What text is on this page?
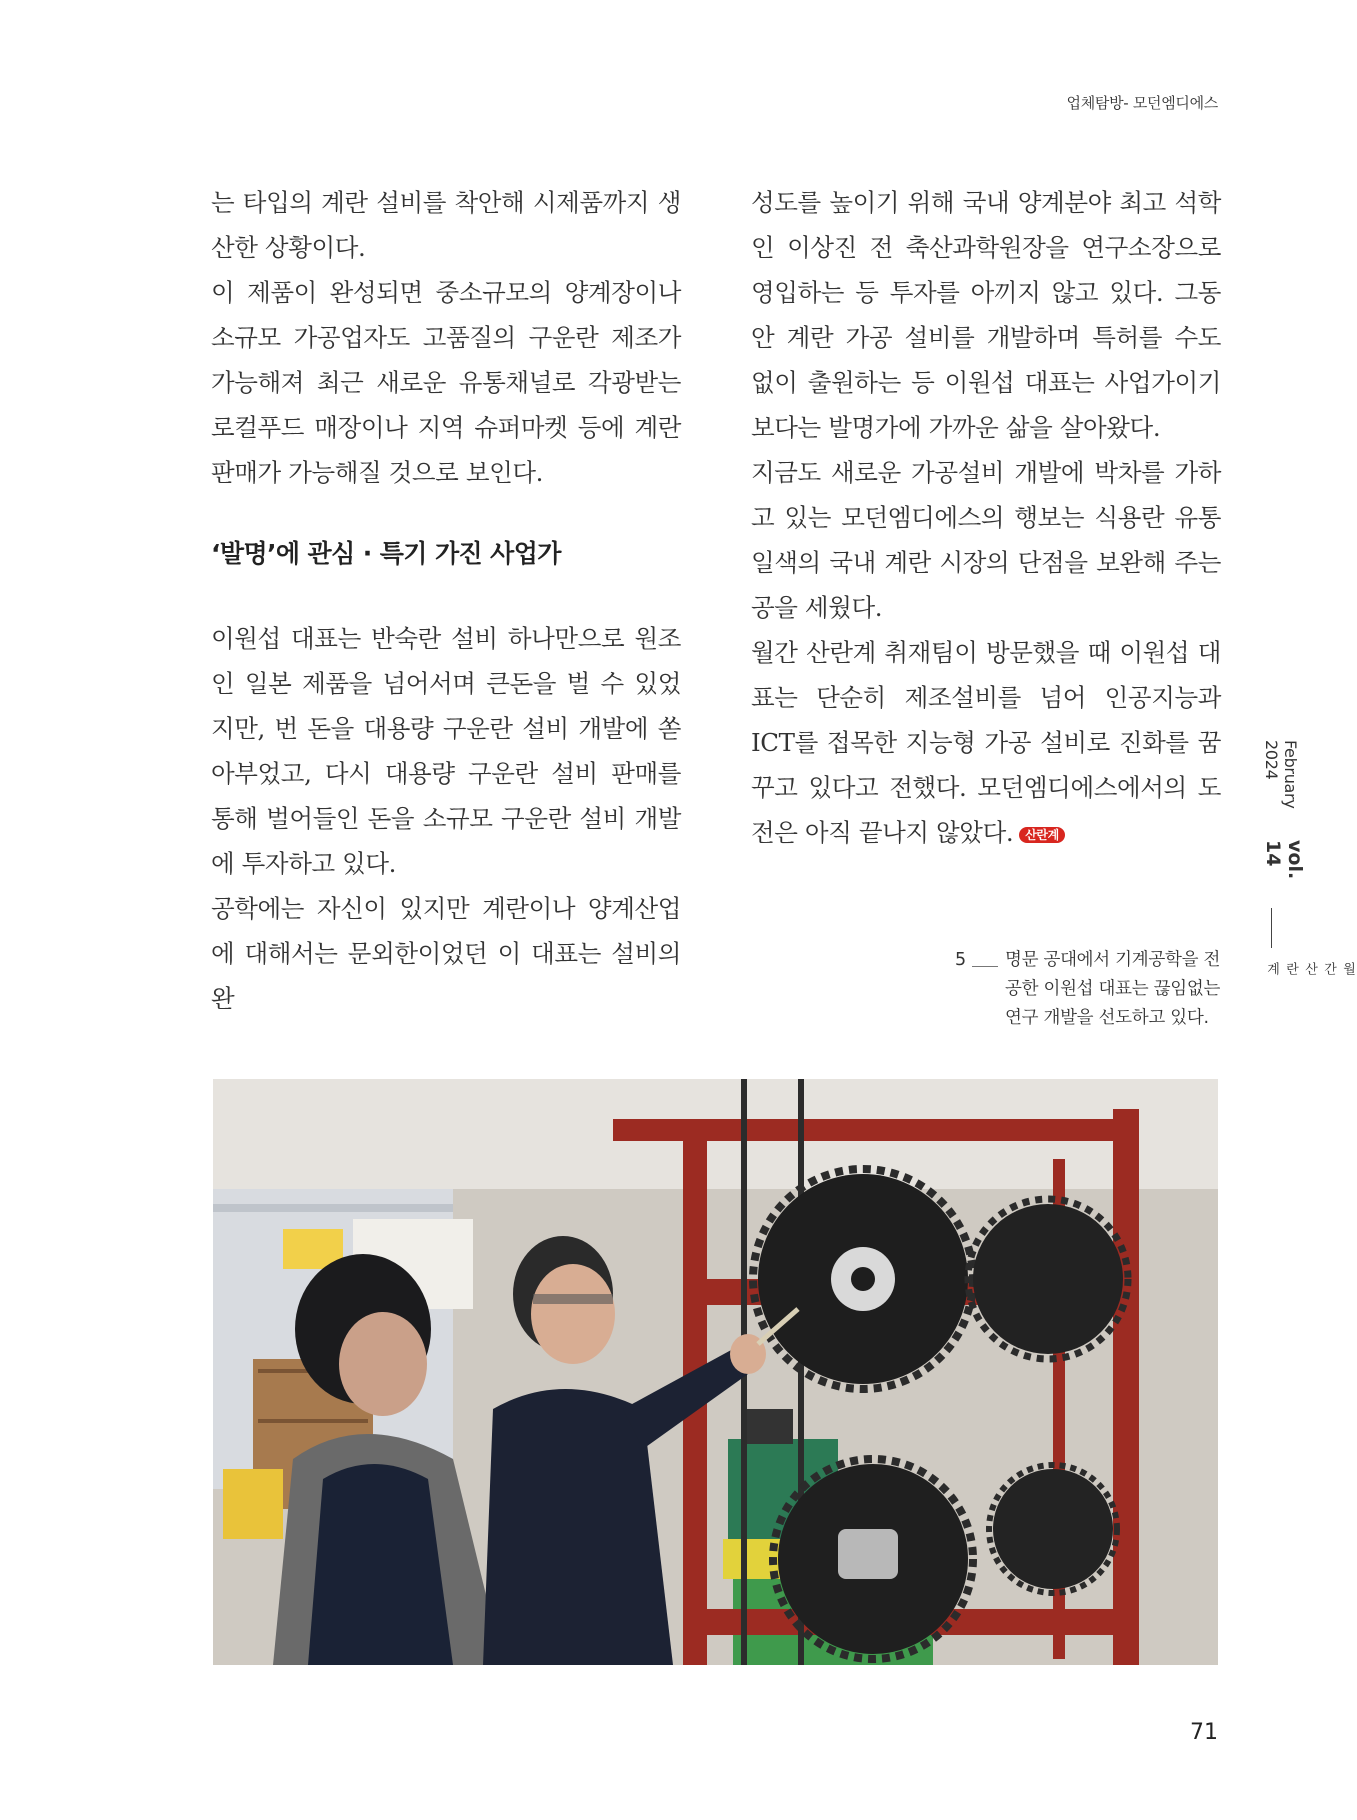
업체탐방- 모던엠디에스

는 타입의 계란 설비를 착안해 시제품까지 생산한 상황이다.

이 제품이 완성되면 중소규모의 양계장이나 소규모 가공업자도 고품질의 구운란 제조가 가능해져 최근 새로운 유통채널로 각광받는 로컬푸드 매장이나 지역 슈퍼마켓 등에 계란 판매가 가능해질 것으로 보인다.

‘발명’에 관심 · 특기 가진 사업가

이원섭 대표는 반숙란 설비 하나만으로 원조인 일본 제품을 넘어서며 큰돈을 벌 수 있었지만, 번 돈을 대용량 구운란 설비 개발에 쏟아부었고, 다시 대용량 구운란 설비 판매를 통해 벌어들인 돈을 소규모 구운란 설비 개발에 투자하고 있다.

공학에는 자신이 있지만 계란이나 양계산업에 대해서는 문외한이었던 이 대표는 설비의 완

성도를 높이기 위해 국내 양계분야 최고 석학인 이상진 전 축산과학원장을 연구소장으로 영입하는 등 투자를 아끼지 않고 있다. 그동안 계란 가공 설비를 개발하며 특허를 수도 없이 출원하는 등 이원섭 대표는 사업가이기보다는 발명가에 가까운 삶을 살아왔다.

지금도 새로운 가공설비 개발에 박차를 가하고 있는 모던엠디에스의 행보는 식용란 유통 일색의 국내 계란 시장의 단점을 보완해 주는 공을 세웠다.

월간 산란계 취재팀이 방문했을 때 이원섭 대표는 단순히 제조설비를 넘어 인공지능과 ICT를 접목한 지능형 가공 설비로 진화를 꿈꾸고 있다고 전했다. 모던엠디에스에서의 도전은 아직 끝나지 않았다. 산란계

5 명문 공대에서 기계공학을 전공한 이원섭 대표는 끊임없는 연구 개발을 선도하고 있다.
February 2024
vol. 14
월간산란계
71
